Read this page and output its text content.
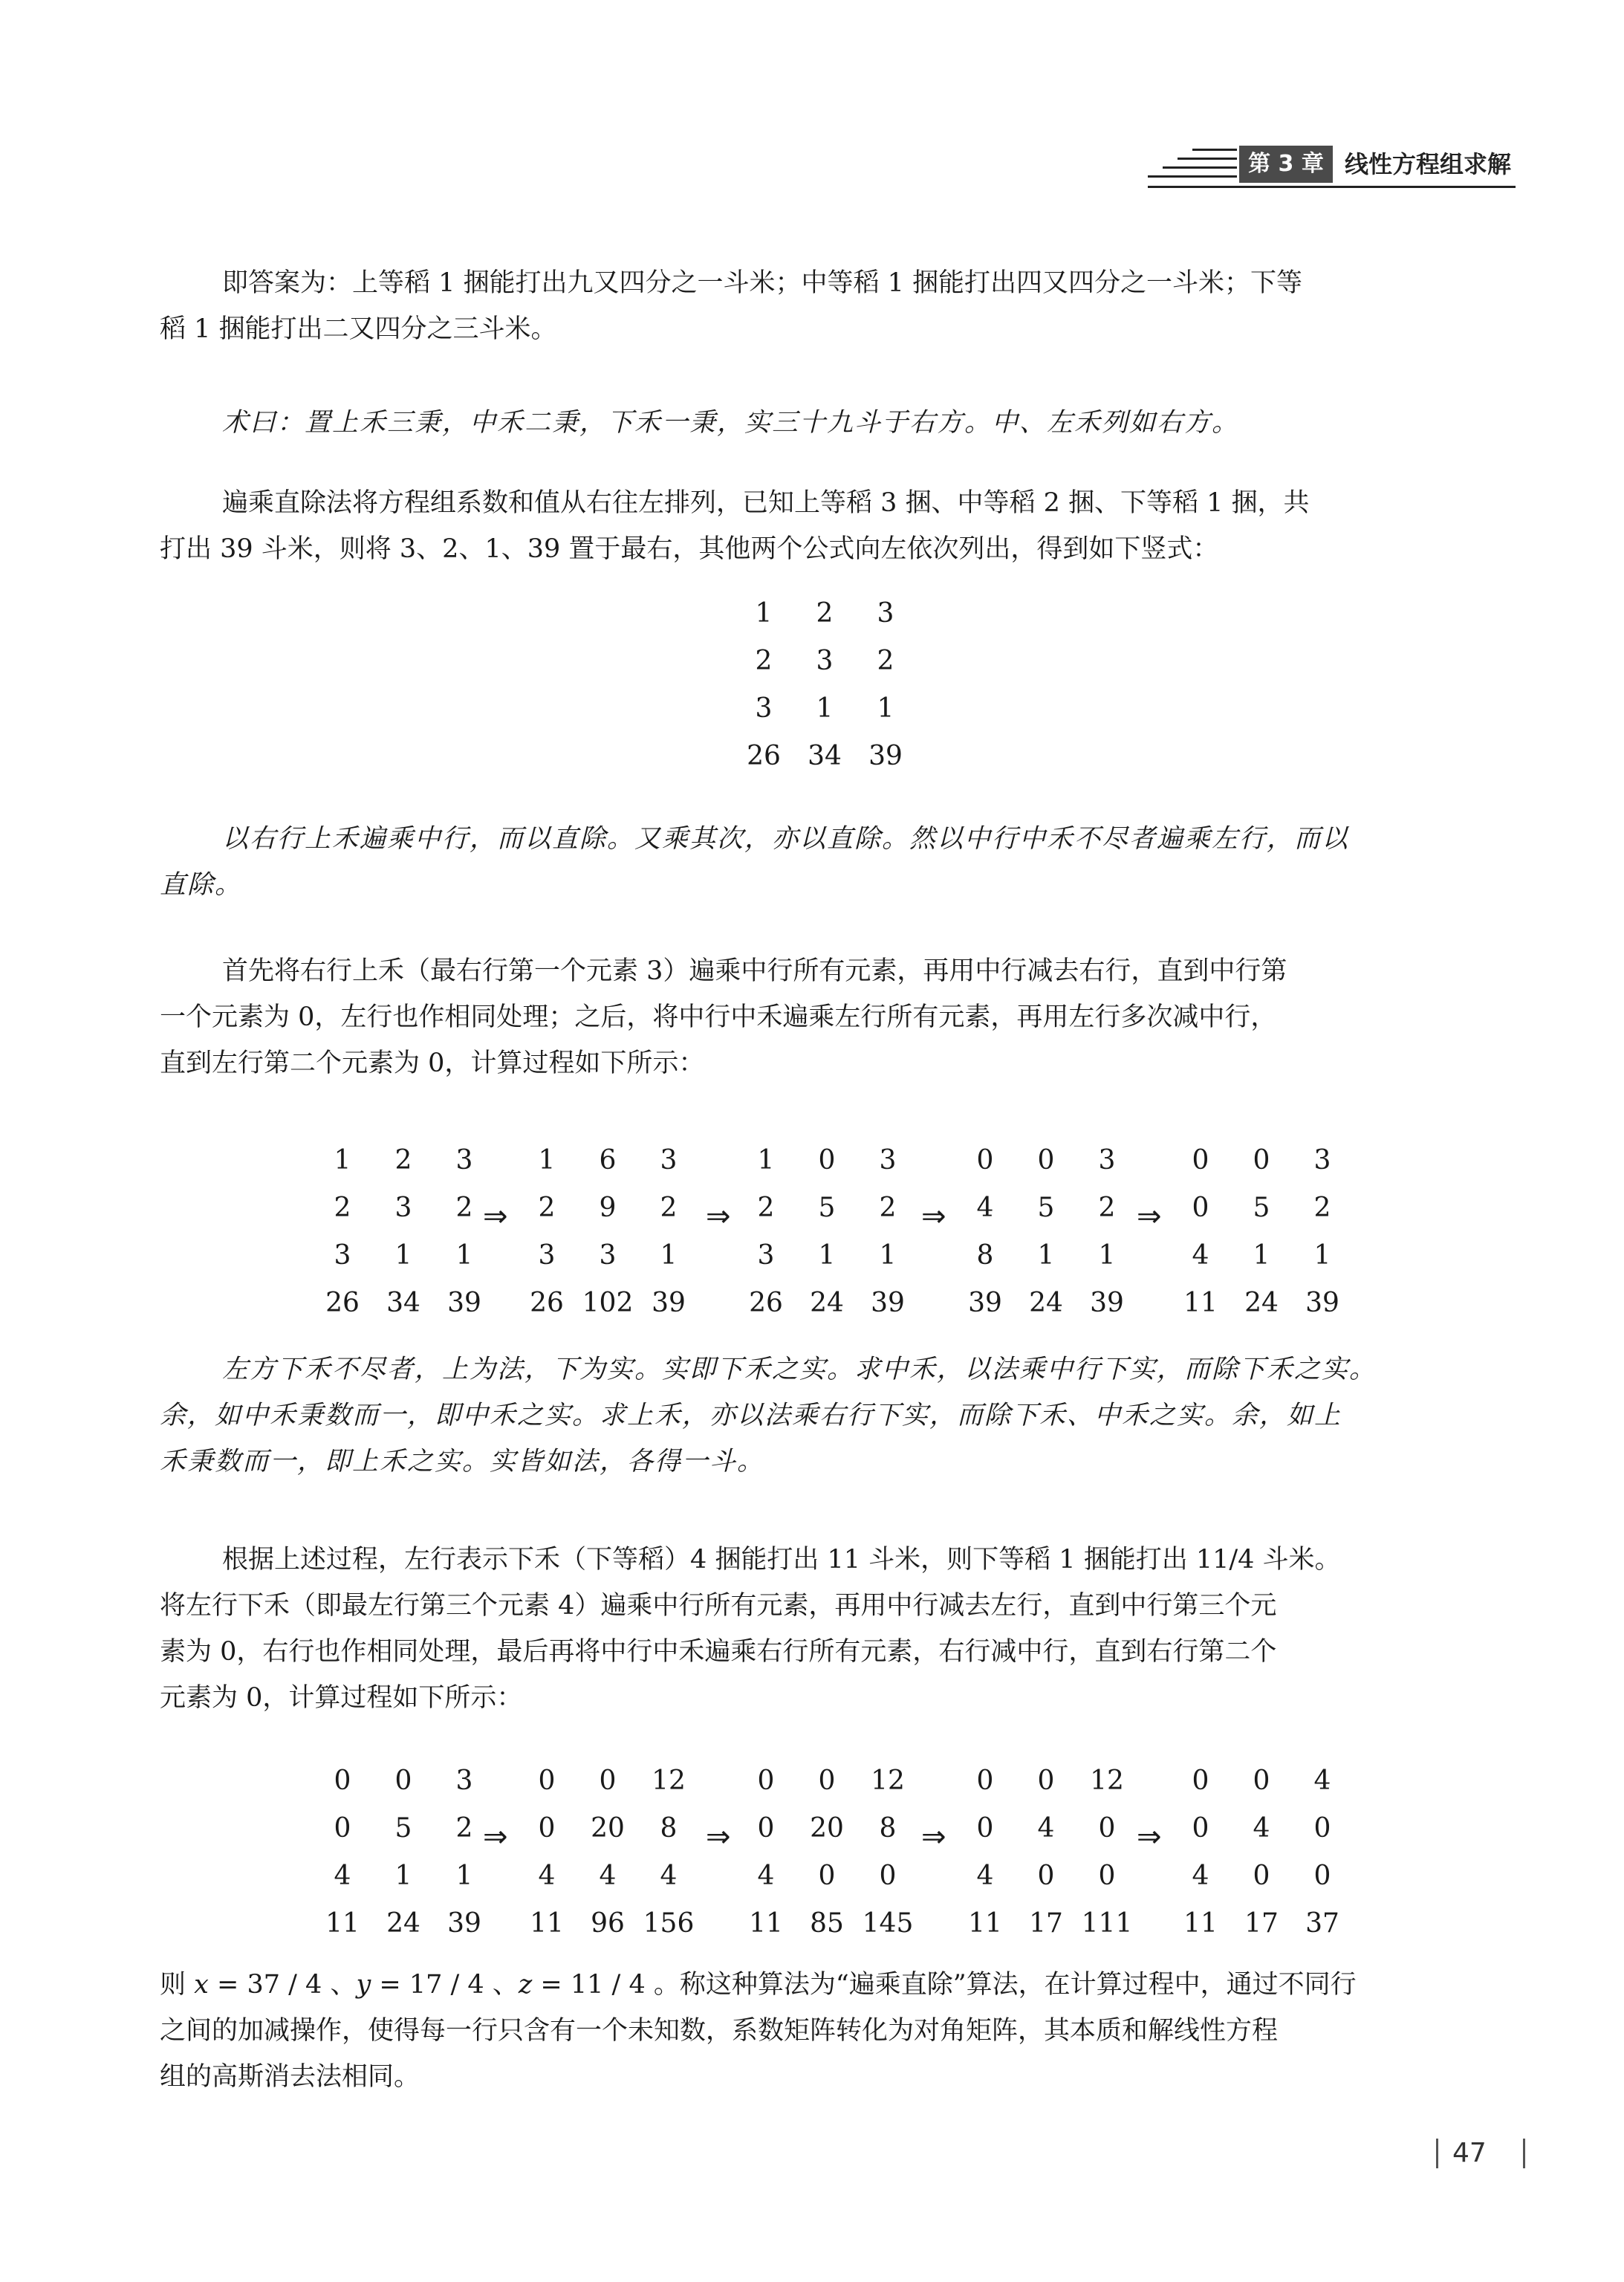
第 3 章 线性方程组求解
即答案为：上等稻 1 捆能打出九又四分之一斗米；中等稻 1 捆能打出四又四分之一斗米；下等
稻 1 捆能打出二又四分之三斗米。
术曰：置上禾三秉，中禾二秉，下禾一秉，实三十九斗于右方。中、左禾列如右方。
遍乘直除法将方程组系数和值从右往左排列，已知上等稻 3 捆、中等稻 2 捆、下等稻 1 捆，共
打出 39 斗米，则将 3、2、1、39 置于最右，其他两个公式向左依次列出，得到如下竖式：
1	2	3
2	3	2
3	1	1
26	34	39
以右行上禾遍乘中行，而以直除。又乘其次，亦以直除。然以中行中禾不尽者遍乘左行，而以
直除。
首先将右行上禾（最右行第一个元素 3）遍乘中行所有元素，再用中行减去右行，直到中行第
一个元素为 0，左行也作相同处理；之后，将中行中禾遍乘左行所有元素，再用左行多次减中行，
直到左行第二个元素为 0，计算过程如下所示：
1	2	3
2	3	2
3	1	1
26	34	39
1	6	3
2	9	2
3	3	1
26 102 39
1	0	3
2	5	2
3	1	1
26	24	39
0	0	3
4	5	2
8	1	1
39	24	39
0	0	3
0	5	2
4	1	1
11	24	39
⇒	⇒	⇒	⇒
左方下禾不尽者，上为法，下为实。实即下禾之实。求中禾，以法乘中行下实，而除下禾之实。
余，如中禾秉数而一，即中禾之实。求上禾，亦以法乘右行下实，而除下禾、中禾之实。余，如上
禾秉数而一，即上禾之实。实皆如法，各得一斗。
根据上述过程，左行表示下禾（下等稻）4 捆能打出 11 斗米，则下等稻 1 捆能打出 11/4 斗米。
将左行下禾（即最左行第三个元素 4）遍乘中行所有元素，再用中行减去左行，直到中行第三个元
素为 0，右行也作相同处理，最后再将中行中禾遍乘右行所有元素，右行减中行，直到右行第二个
元素为 0，计算过程如下所示：
0	0	3
0	5	2
4	1	1
11	24	39
0	0	12
0	20	8
4	4	4
11	96 156
0	0	12
0	20	8
4	0	0
11	85 145
0	0	12
0	4	0
4	0	0
11	17 111
0	0	4
0	4	0
4	0	0
11	17	37
⇒	⇒	⇒	⇒
则 x = 37 / 4 、y = 17 / 4 、z = 11 / 4 。称这种算法为“遍乘直除”算法，在计算过程中，通过不同行
之间的加减操作，使得每一行只含有一个未知数，系数矩阵转化为对角矩阵，其本质和解线性方程
组的高斯消去法相同。
47
